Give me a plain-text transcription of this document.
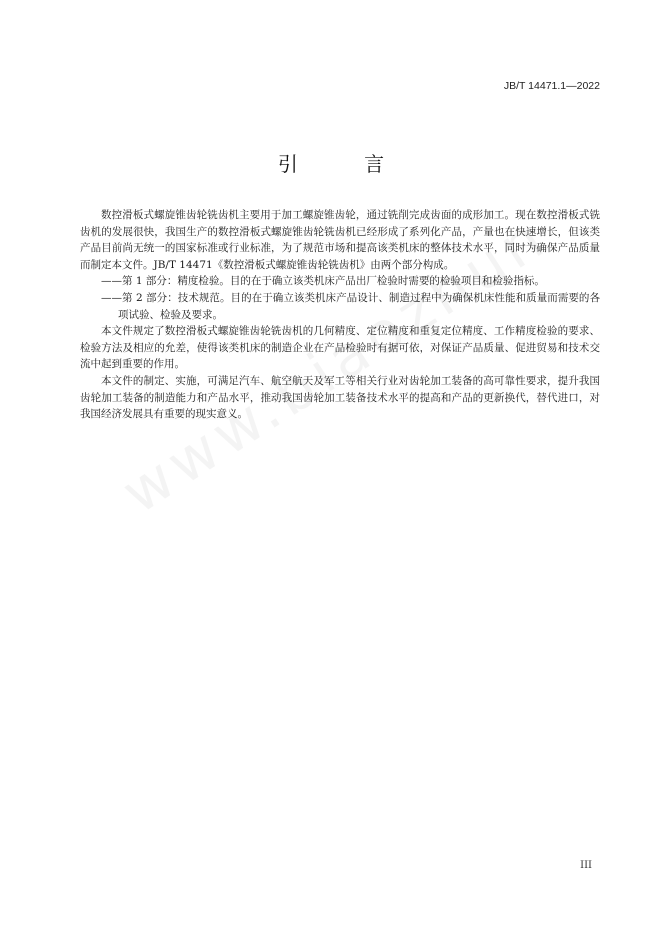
JB/T 14471.1—2022
引 言

数控滑板式螺旋锥齿轮铣齿机主要用于加工螺旋锥齿轮，通过铣削完成齿面的成形加工。现在数控滑板式铣齿机的发展很快，我国生产的数控滑板式螺旋锥齿轮铣齿机已经形成了系列化产品，产量也在快速增长，但该类产品目前尚无统一的国家标准或行业标准，为了规范市场和提高该类机床的整体技术水平，同时为确保产品质量而制定本文件。JB/T 14471《数控滑板式螺旋锥齿轮铣齿机》由两个部分构成。

——第 1 部分：精度检验。目的在于确立该类机床产品出厂检验时需要的检验项目和检验指标。

——第 2 部分：技术规范。目的在于确立该类机床产品设计、制造过程中为确保机床性能和质量而需要的各项试验、检验及要求。

本文件规定了数控滑板式螺旋锥齿轮铣齿机的几何精度、定位精度和重复定位精度、工作精度检验的要求、检验方法及相应的允差，使得该类机床的制造企业在产品检验时有据可依，对保证产品质量、促进贸易和技术交流中起到重要的作用。

本文件的制定、实施，可满足汽车、航空航天及军工等相关行业对齿轮加工装备的高可靠性要求，提升我国齿轮加工装备的制造能力和产品水平，推动我国齿轮加工装备技术水平的提高和产品的更新换代，替代进口，对我国经济发展具有重要的现实意义。

III
